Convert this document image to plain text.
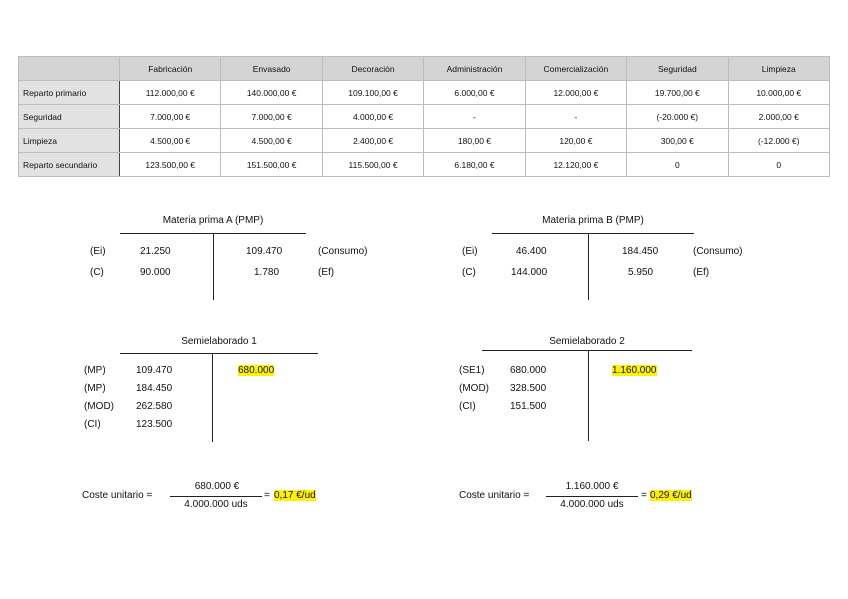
	Fabricación	Envasado	Decoración	Administración	Comercialización	Seguridad	Limpieza
Reparto primario	112.000,00 €	140.000,00 €	109.100,00 €	6.000,00 €	12.000,00 €	19.700,00 €	10.000,00 €
Seguridad	7.000,00 €	7.000,00 €	4.000,00 €	-	-	(-20.000 €)	2.000,00 €
Limpieza	4.500,00 €	4.500,00 €	2.400,00 €	180,00 €	120,00 €	300,00 €	(-12.000 €)
Reparto secundario	123.500,00 €	151.500,00 €	115.500,00 €	6.180,00 €	12.120,00 €	0	0
Materia prima A (PMP)
(Ei)	21.250
(C)	90.000
109.470	(Consumo)
1.780	(Ef)
Materia prima B (PMP)
(Ei)	46.400
(C)	144.000
184.450	(Consumo)
5.950	(Ef)
Semielaborado 1
(MP)	109.470
(MP)	184.450
(MOD) 262.580
(CI)	123.500
680.000
Semielaborado 2
(SE1)	680.000
(MOD) 328.500
(CI)	151.500
1.160.000
Coste unitario =
680.000 €
4.000.000 uds
= 0,17 €/ud	Coste unitario =
1.160.000 €
4.000.000 uds
= 0,29 €/ud
